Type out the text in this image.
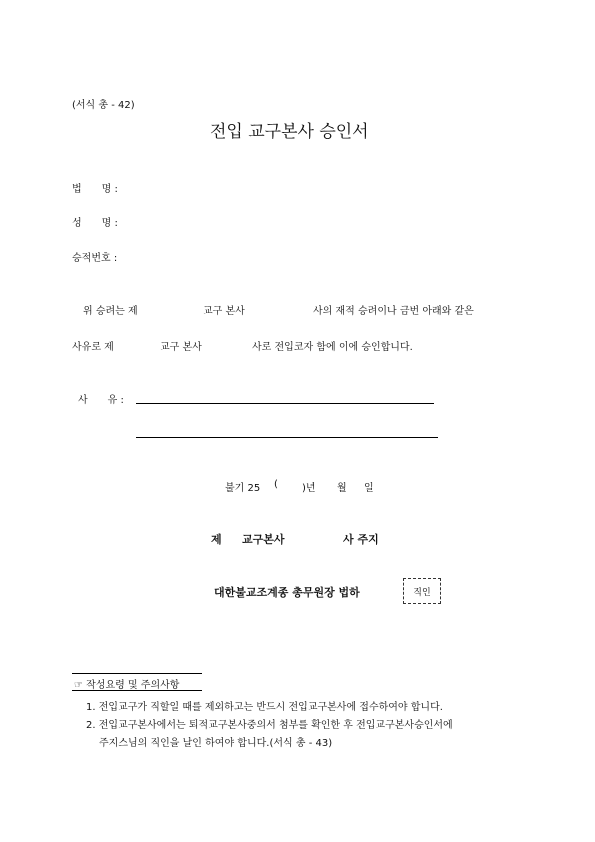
(서식 총 - 42)
전입 교구본사 승인서
법　　명 :
성　　명 :
승적번호 :
위 승려는 제	교구 본사	사의 재적 승려이나 금번 아래와 같은
사유로 제	교구 본사	사로 전입코자 함에 이에 승인합니다.
사　　유 :
불기 25 ( )년 월 일
제 교구본사	사 주지
대한불교조계종 총무원장 법하	직인
☞ 작성요령 및 주의사항
1. 전입교구가 직할일 때를 제외하고는 반드시 전입교구본사에 접수하여야 합니다.
2. 전입교구본사에서는 퇴적교구본사중의서 첨부를 확인한 후 전입교구본사승인서에
주지스님의 직인을 날인 하여야 합니다.(서식 총 - 43)
